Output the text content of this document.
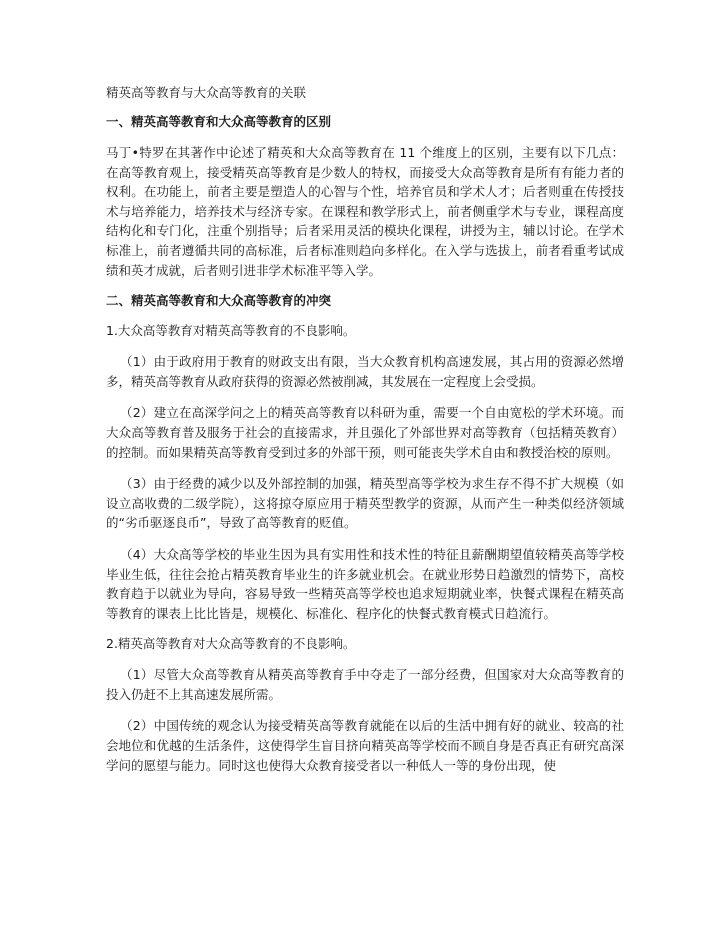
精英高等教育与大众高等教育的关联

一、精英高等教育和大众高等教育的区别

马丁•特罗在其著作中论述了精英和大众高等教育在 11 个维度上的区别，主要有以下几点：在高等教育观上，接受精英高等教育是少数人的特权，而接受大众高等教育是所有有能力者的权利。在功能上，前者主要是塑造人的心智与个性，培养官员和学术人才；后者则重在传授技术与培养能力，培养技术与经济专家。在课程和教学形式上，前者侧重学术与专业，课程高度结构化和专门化，注重个别指导；后者采用灵活的模块化课程，讲授为主，辅以讨论。在学术标准上，前者遵循共同的高标准，后者标准则趋向多样化。在入学与选拔上，前者看重考试成绩和英才成就，后者则引进非学术标准平等入学。

二、精英高等教育和大众高等教育的冲突

1.大众高等教育对精英高等教育的不良影响。

（1）由于政府用于教育的财政支出有限，当大众教育机构高速发展，其占用的资源必然增多，精英高等教育从政府获得的资源必然被削减，其发展在一定程度上会受损。

（2）建立在高深学问之上的精英高等教育以科研为重，需要一个自由宽松的学术环境。而大众高等教育普及服务于社会的直接需求，并且强化了外部世界对高等教育（包括精英教育）的控制。而如果精英高等教育受到过多的外部干预，则可能丧失学术自由和教授治校的原则。

（3）由于经费的减少以及外部控制的加强，精英型高等学校为求生存不得不扩大规模（如设立高收费的二级学院），这将掠夺原应用于精英型教学的资源，从而产生一种类似经济领域的“劣币驱逐良币”，导致了高等教育的贬值。

（4）大众高等学校的毕业生因为具有实用性和技术性的特征且薪酬期望值较精英高等学校毕业生低，往往会抢占精英教育毕业生的许多就业机会。在就业形势日趋激烈的情势下，高校教育趋于以就业为导向，容易导致一些精英高等学校也追求短期就业率，快餐式课程在精英高等教育的课表上比比皆是，规模化、标准化、程序化的快餐式教育模式日趋流行。

2.精英高等教育对大众高等教育的不良影响。

（1）尽管大众高等教育从精英高等教育手中夺走了一部分经费，但国家对大众高等教育的投入仍赶不上其高速发展所需。

（2）中国传统的观念认为接受精英高等教育就能在以后的生活中拥有好的就业、较高的社会地位和优越的生活条件，这使得学生盲目挤向精英高等学校而不顾自身是否真正有研究高深学问的愿望与能力。同时这也使得大众教育接受者以一种低人一等的身份出现，使
